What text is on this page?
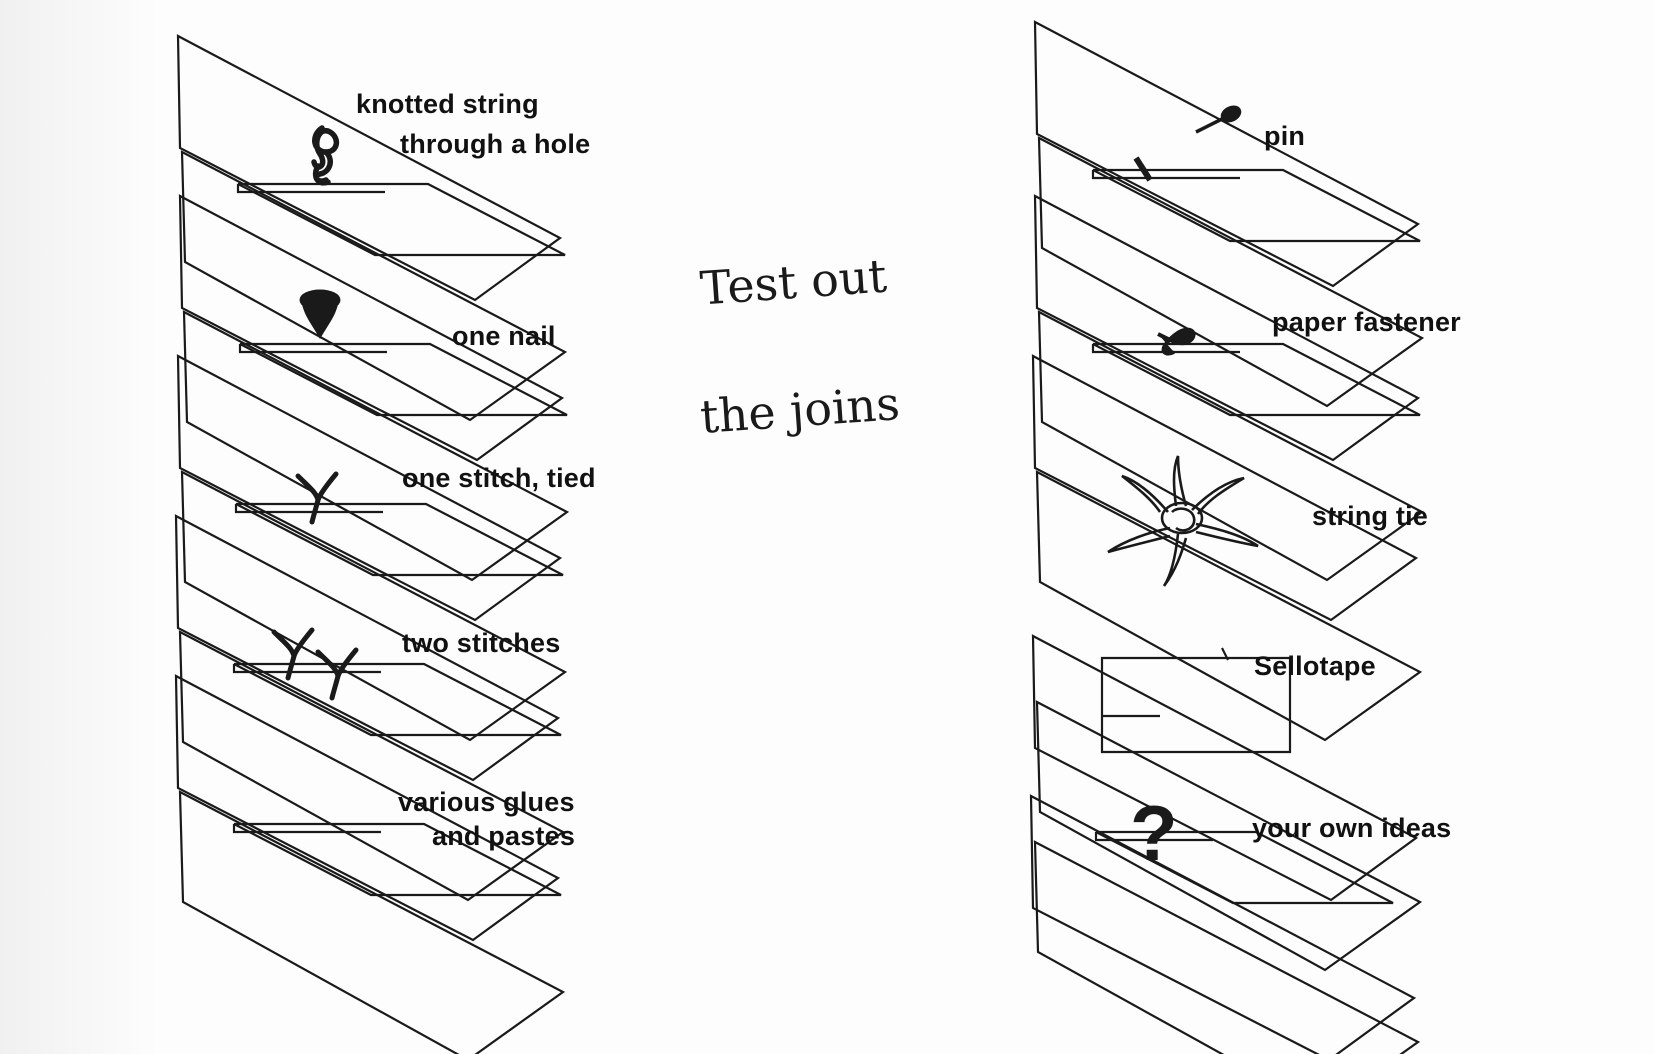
knotted string
through a hole
one nail
one stitch, tied
two stitches
various glues
and pastes
pin
paper fastener
string tie
Sellotape
your own ideas
?
Test out
the joins
